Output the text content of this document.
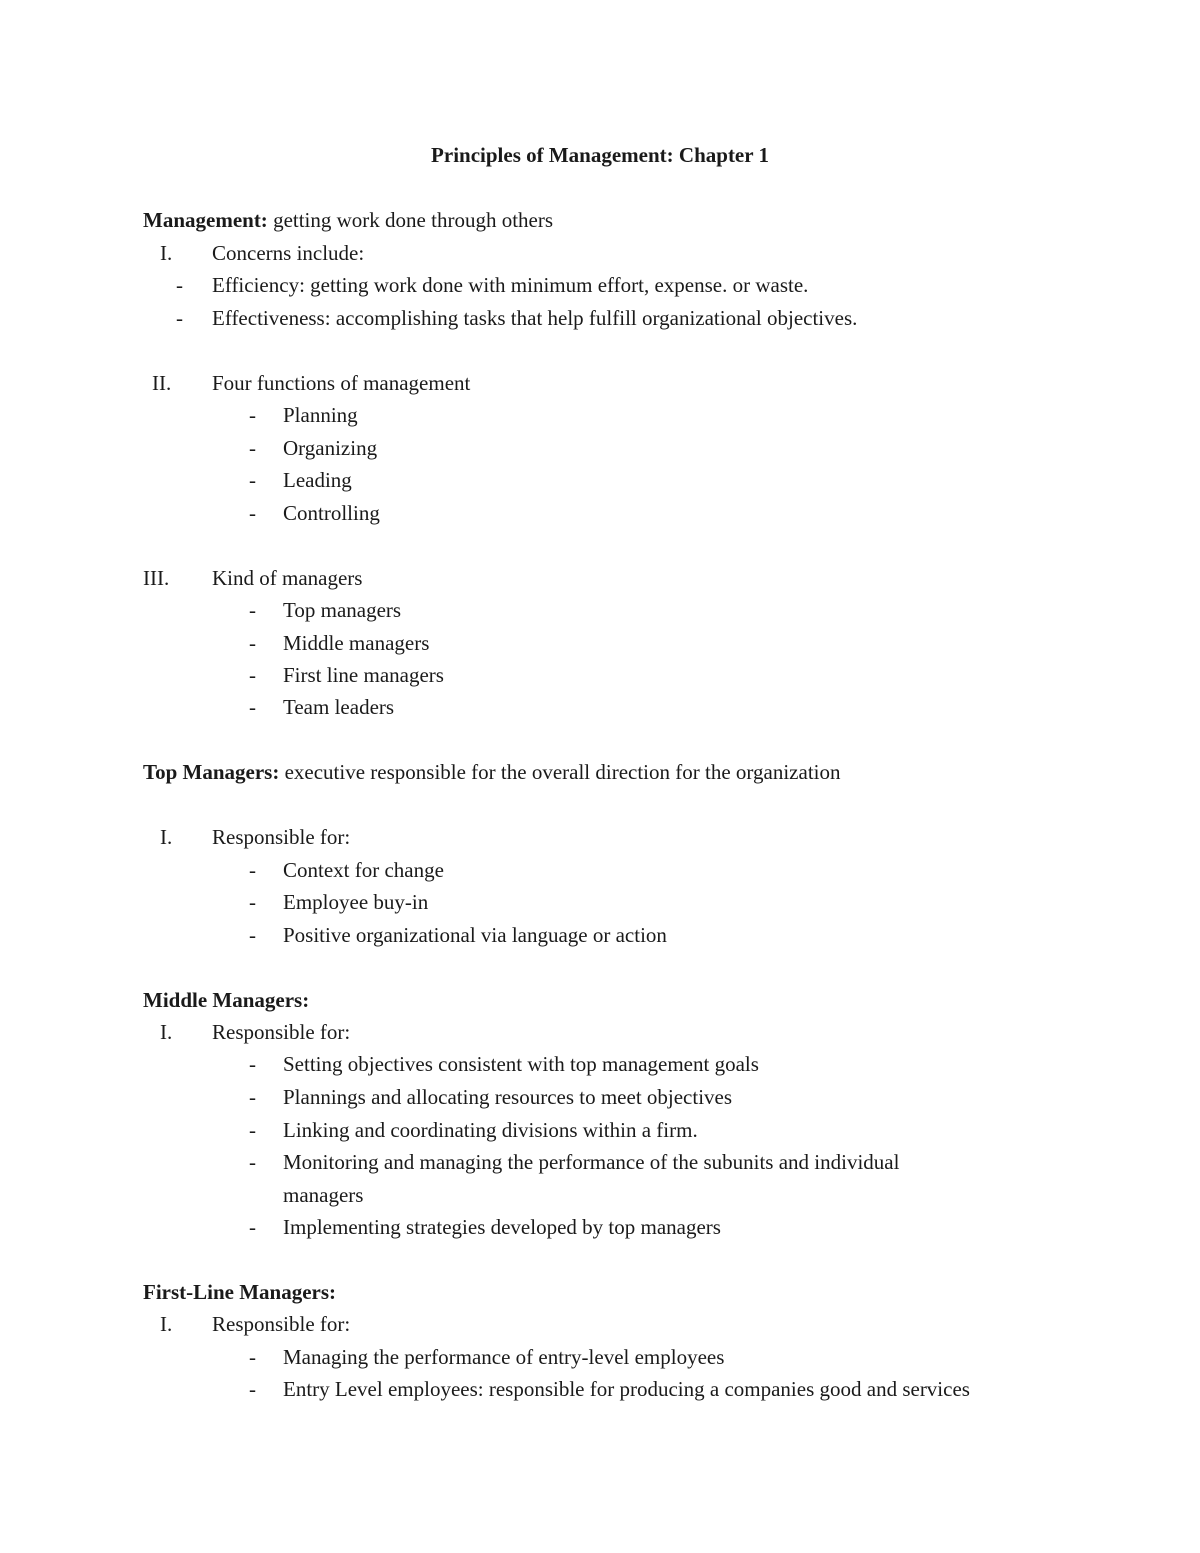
Principles of Management: Chapter 1
Management: getting work done through others
I. Concerns include:
- Efficiency: getting work done with minimum effort, expense. or waste.
- Effectiveness: accomplishing tasks that help fulfill organizational objectives.
II. Four functions of management
- Planning
- Organizing
- Leading
- Controlling
III. Kind of managers
- Top managers
- Middle managers
- First line managers
- Team leaders
Top Managers: executive responsible for the overall direction for the organization
I. Responsible for:
- Context for change
- Employee buy-in
- Positive organizational via language or action
Middle Managers:
I. Responsible for:
- Setting objectives consistent with top management goals
- Plannings and allocating resources to meet objectives
- Linking and coordinating divisions within a firm.
- Monitoring and managing the performance of the subunits and individual
managers
- Implementing strategies developed by top managers
First-Line Managers:
I. Responsible for:
- Managing the performance of entry-level employees
- Entry Level employees: responsible for producing a companies good and services
